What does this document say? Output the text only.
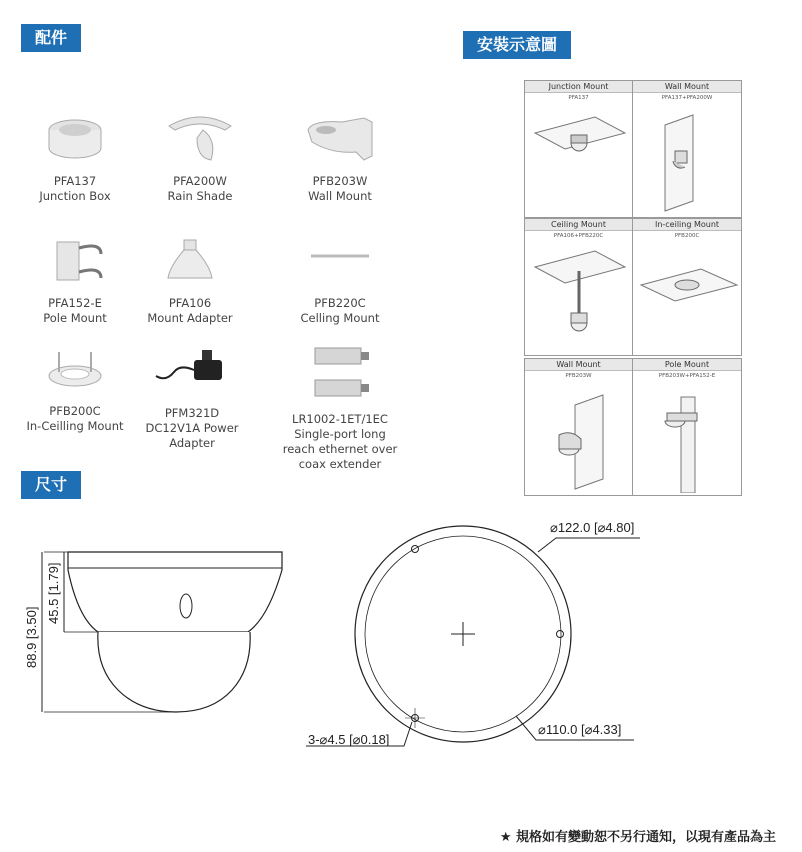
配件	安裝示意圖
尺寸
PFA137
Junction Box
PFA200W
Rain Shade
PFB203W
Wall Mount
PFA152-E
Pole Mount
PFA106
Mount Adapter
PFB220C
Celling Mount
PFB200C
In-Ceilling Mount
PFM321D
DC12V1A Power
Adapter
LR1002-1ET/1EC
Single-port long
reach ethernet over
coax extender
Junction Mount	Wall Mount
PFA137	PFA137+PFA200W
Ceiling Mount	In-ceiling Mount
PFA106+PFB220C	PFB200C
Wall Mount	Pole Mount
PFB203W	PFB203W+PFA152-E
88.9 [3.50]
45.5 [1.79]
⌀122.0 [⌀4.80]
⌀110.0 [⌀4.33]
3-⌀4.5 [⌀0.18]
★ 規格如有變動恕不另行通知，以現有產品為主
